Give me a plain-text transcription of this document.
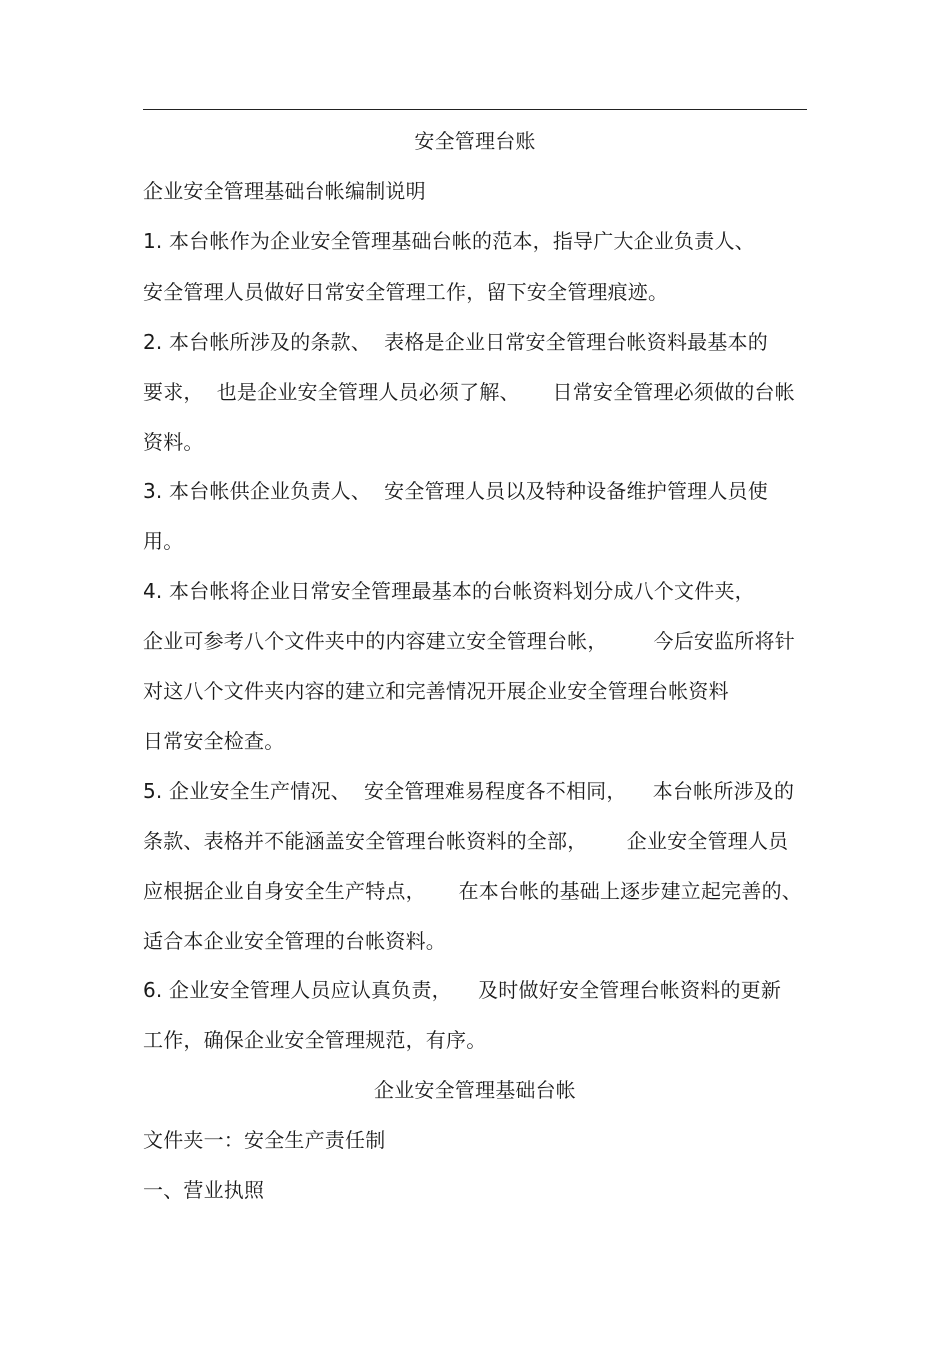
安全管理台账
企业安全管理基础台帐编制说明
1. 本台帐作为企业安全管理基础台帐的范本，指导广大企业负责人、
安全管理人员做好日常安全管理工作，留下安全管理痕迹。
2. 本台帐所涉及的条款、  表格是企业日常安全管理台帐资料最基本的
要求，  也是企业安全管理人员必须了解、     日常安全管理必须做的台帐
资料。
3. 本台帐供企业负责人、  安全管理人员以及特种设备维护管理人员使
用。
4. 本台帐将企业日常安全管理最基本的台帐资料划分成八个文件夹，
企业可参考八个文件夹中的内容建立安全管理台帐，       今后安监所将针
对这八个文件夹内容的建立和完善情况开展企业安全管理台帐资料
日常安全检查。
5. 企业安全生产情况、  安全管理难易程度各不相同，    本台帐所涉及的
条款、表格并不能涵盖安全管理台帐资料的全部，      企业安全管理人员
应根据企业自身安全生产特点，     在本台帐的基础上逐步建立起完善的、
适合本企业安全管理的台帐资料。
6. 企业安全管理人员应认真负责，    及时做好安全管理台帐资料的更新
工作，确保企业安全管理规范，有序。
企业安全管理基础台帐
文件夹一：安全生产责任制
一、营业执照
